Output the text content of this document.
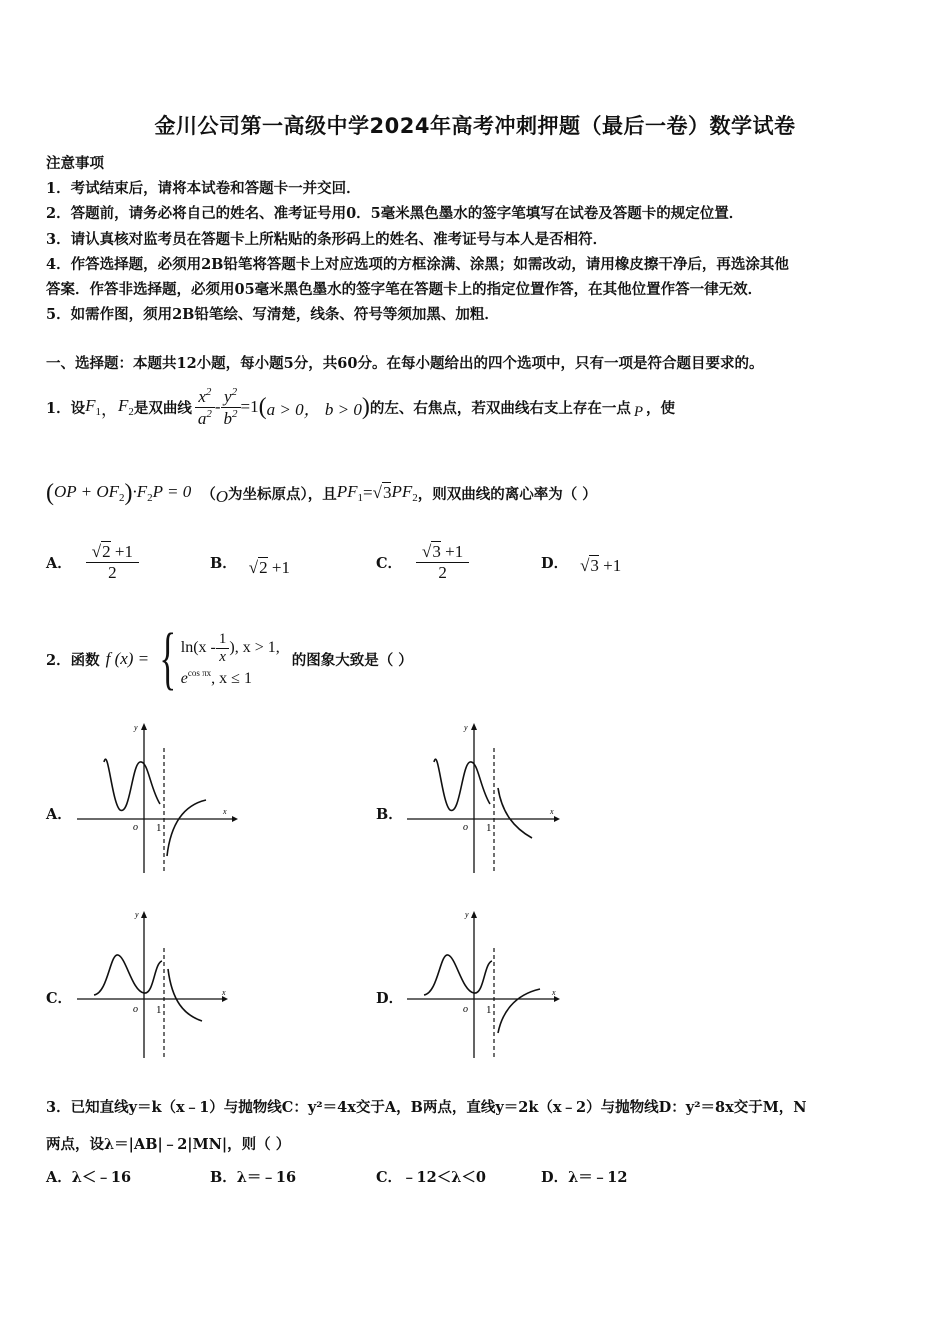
金川公司第一高级中学2024年高考冲刺押题（最后一卷）数学试卷
注意事项
1．考试结束后，请将本试卷和答题卡一并交回．
2．答题前，请务必将自己的姓名、准考证号用0．5毫米黑色墨水的签字笔填写在试卷及答题卡的规定位置．
3．请认真核对监考员在答题卡上所粘贴的条形码上的姓名、准考证号与本人是否相符．
4．作答选择题，必须用2B铅笔将答题卡上对应选项的方框涂满、涂黑；如需改动，请用橡皮擦干净后，再选涂其他
答案．作答非选择题，必须用05毫米黑色墨水的签字笔在答题卡上的指定位置作答，在其他位置作答一律无效．
5．如需作图，须用2B铅笔绘、写清楚，线条、符号等须加黑、加粗．
一、选择题：本题共12小题，每小题5分，共60分。在每小题给出的四个选项中，只有一项是符合题目要求的。
1．设 $F_1$ ， $F_2$ 是双曲线 $\frac{x^2}{a^2} - \frac{y^2}{b^2} =1$ ( a > 0， b > 0 ) 的左、右焦点，若双曲线右支上存在一点 P ，使
( OP + $OF_2$ ) $\cdot F_2P = 0$ （ O 为坐标原点），且 $PF_1 = √3$ $PF_2$ ，则双曲线的离心率为（ ）
A． $\frac{√2 +1}{2}$	B． √2 +1	C． $\frac{√3 +1}{2}$	D． √3 +1
2．函数 f (x) = { $\ln(x - \frac{1}{x}$ ), x > 1,
$e^{cos \pi x}$, x ≤ 1
的图象大致是（ ）
A．	B．
C．	D．
y
x
o 1
y
x
o 1
y
x
o 1
y
x
o 1
3．已知直线y＝k（x﹣1）与抛物线C：y²＝4x交于A，B两点，直线y＝2k（x﹣2）与抛物线D：y²＝8x交于M，N
两点，设λ＝|AB|﹣2|MN|，则（ ）
A．λ＜﹣16	B．λ＝﹣16	C．﹣12＜λ＜0	D．λ＝﹣12
